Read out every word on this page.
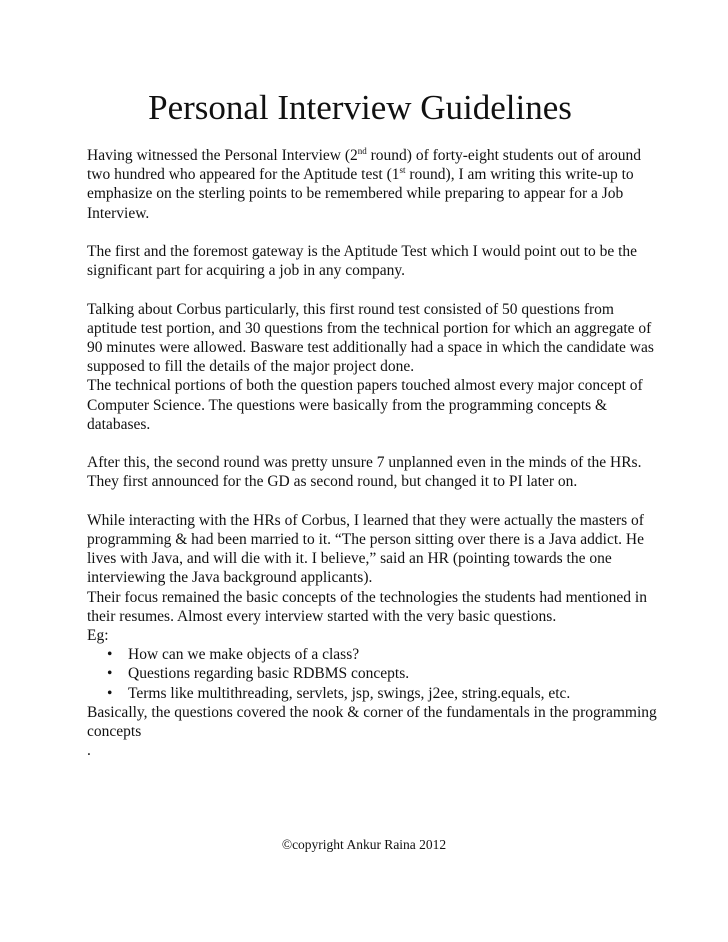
Personal Interview Guidelines

Having witnessed the Personal Interview (2nd round) of forty-eight students out of around two hundred who appeared for the Aptitude test (1st round), I am writing this write-up to emphasize on the sterling points to be remembered while preparing to appear for a Job Interview.

The first and the foremost gateway is the Aptitude Test which I would point out to be the significant part for acquiring a job in any company.

Talking about Corbus particularly, this first round test consisted of 50 questions from aptitude test portion, and 30 questions from the technical portion for which an aggregate of 90 minutes were allowed. Basware test additionally had a space in which the candidate was supposed to fill the details of the major project done.

The technical portions of both the question papers touched almost every major concept of Computer Science. The questions were basically from the programming concepts & databases.

After this, the second round was pretty unsure 7 unplanned even in the minds of the HRs. They first announced for the GD as second round, but changed it to PI later on.

While interacting with the HRs of Corbus, I learned that they were actually the masters of programming & had been married to it. “The person sitting over there is a Java addict. He lives with Java, and will die with it. I believe,” said an HR (pointing towards the one interviewing the Java background applicants).

Their focus remained the basic concepts of the technologies the students had mentioned in their resumes. Almost every interview started with the very basic questions.

Eg:

• How can we make objects of a class?
• Questions regarding basic RDBMS concepts.
• Terms like multithreading, servlets, jsp, swings, j2ee, string.equals, etc.

Basically, the questions covered the nook & corner of the fundamentals in the programming concepts

.

©copyright Ankur Raina 2012
